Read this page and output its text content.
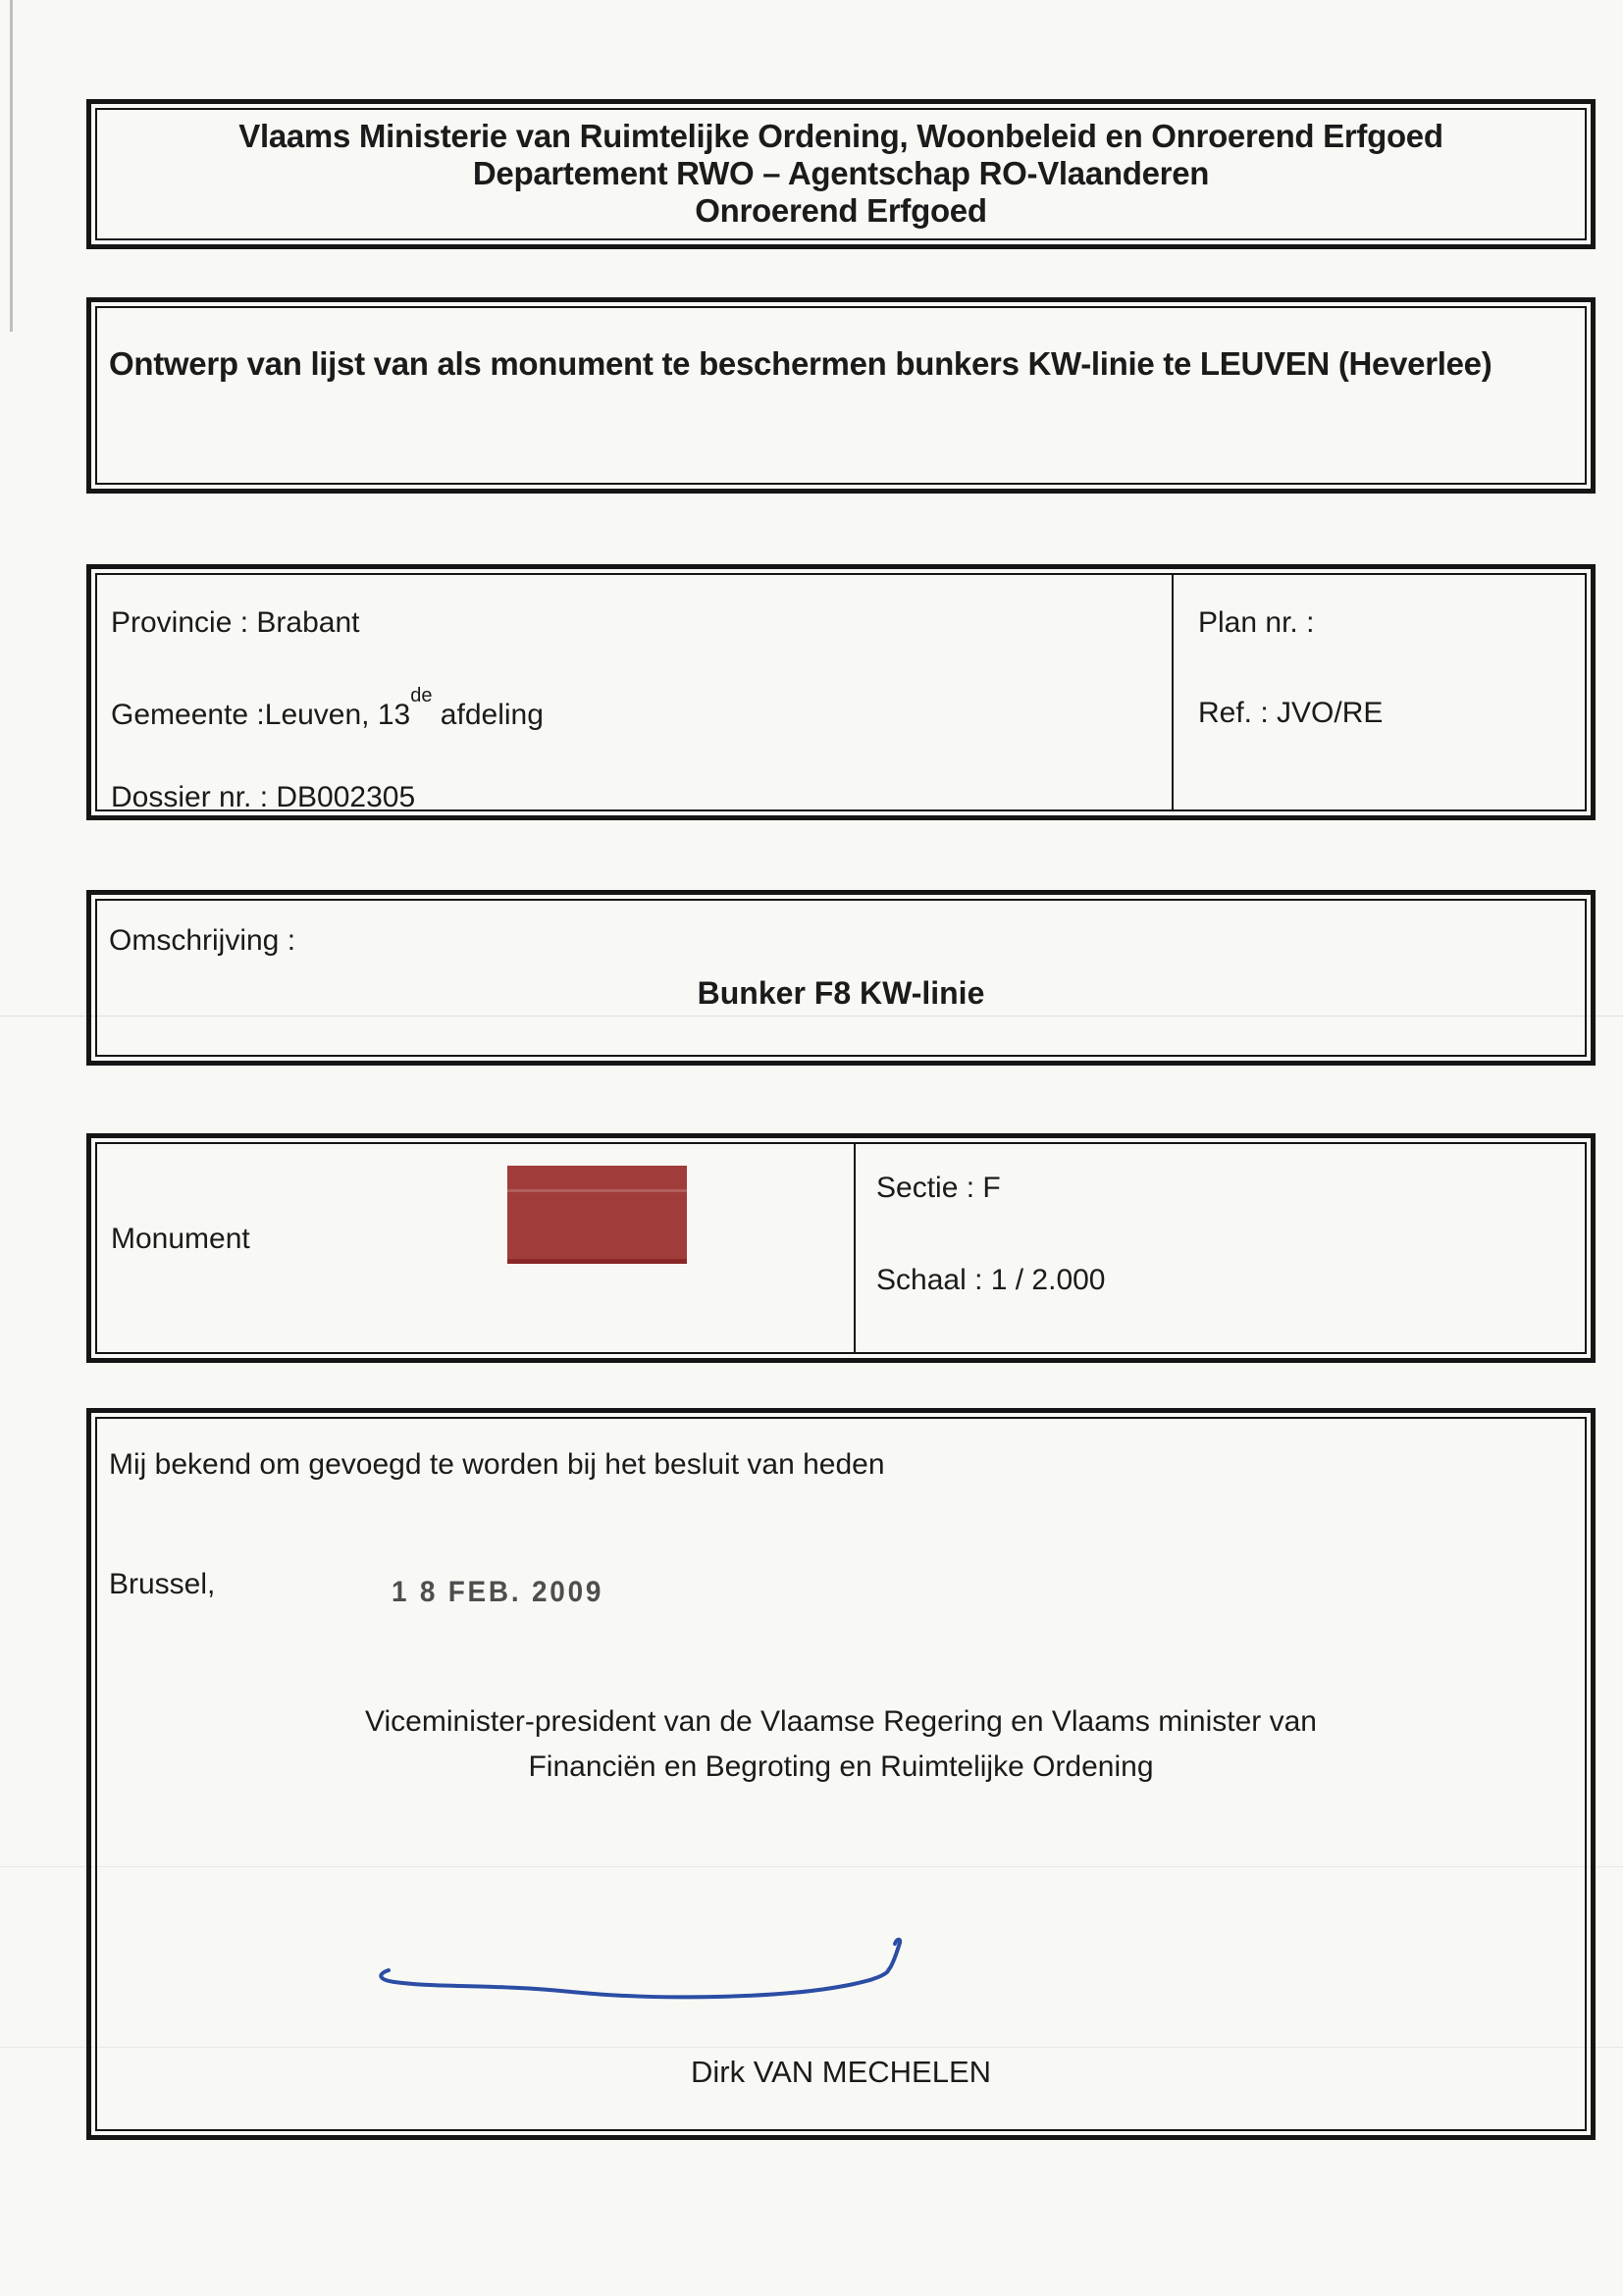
Vlaams Ministerie van Ruimtelijke Ordening, Woonbeleid en Onroerend Erfgoed
Departement RWO – Agentschap RO-Vlaanderen
Onroerend Erfgoed
Ontwerp van lijst van als monument te beschermen bunkers KW-linie te LEUVEN (Heverlee)
Provincie : Brabant
Gemeente :Leuven, 13de afdeling
Dossier nr. : DB002305
Plan nr. :
Ref. : JVO/RE
Omschrijving :
Bunker F8 KW-linie
Monument
Sectie : F
Schaal : 1 / 2.000
Mij bekend om gevoegd te worden bij het besluit van heden
Brussel,	1 8 FEB. 2009
Viceminister-president van de Vlaamse Regering en Vlaams minister van
Financiën en Begroting en Ruimtelijke Ordening
Dirk VAN MECHELEN
